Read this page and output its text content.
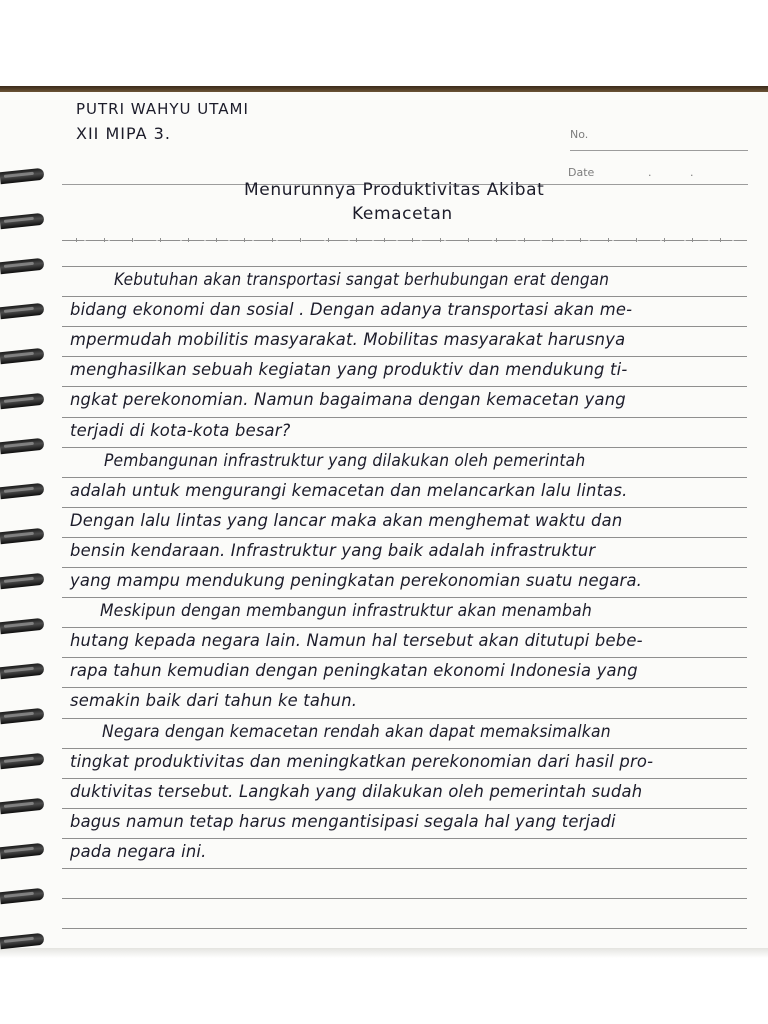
No.
Date	.	.
PUTRI WAHYU UTAMI
XII MIPA 3.
Menurunnya Produktivitas Akibat
Kemacetan
Kebutuhan akan transportasi sangat berhubungan erat dengan
bidang ekonomi dan sosial . Dengan adanya transportasi akan me-
mpermudah mobilitis masyarakat. Mobilitas masyarakat harusnya
menghasilkan sebuah kegiatan yang produktiv dan mendukung ti-
ngkat perekonomian. Namun bagaimana dengan kemacetan yang
terjadi di kota-kota besar?
Pembangunan infrastruktur yang dilakukan oleh pemerintah
adalah untuk mengurangi kemacetan dan melancarkan lalu lintas.
Dengan lalu lintas yang lancar maka akan menghemat waktu dan
bensin kendaraan. Infrastruktur yang baik adalah infrastruktur
yang mampu mendukung peningkatan perekonomian suatu negara.
Meskipun dengan membangun infrastruktur akan menambah
hutang kepada negara lain. Namun hal tersebut akan ditutupi bebe-
rapa tahun kemudian dengan peningkatan ekonomi Indonesia yang
semakin baik dari tahun ke tahun.
Negara dengan kemacetan rendah akan dapat memaksimalkan
tingkat produktivitas dan meningkatkan perekonomian dari hasil pro-
duktivitas tersebut. Langkah yang dilakukan oleh pemerintah sudah
bagus namun tetap harus mengantisipasi segala hal yang terjadi
pada negara ini.
